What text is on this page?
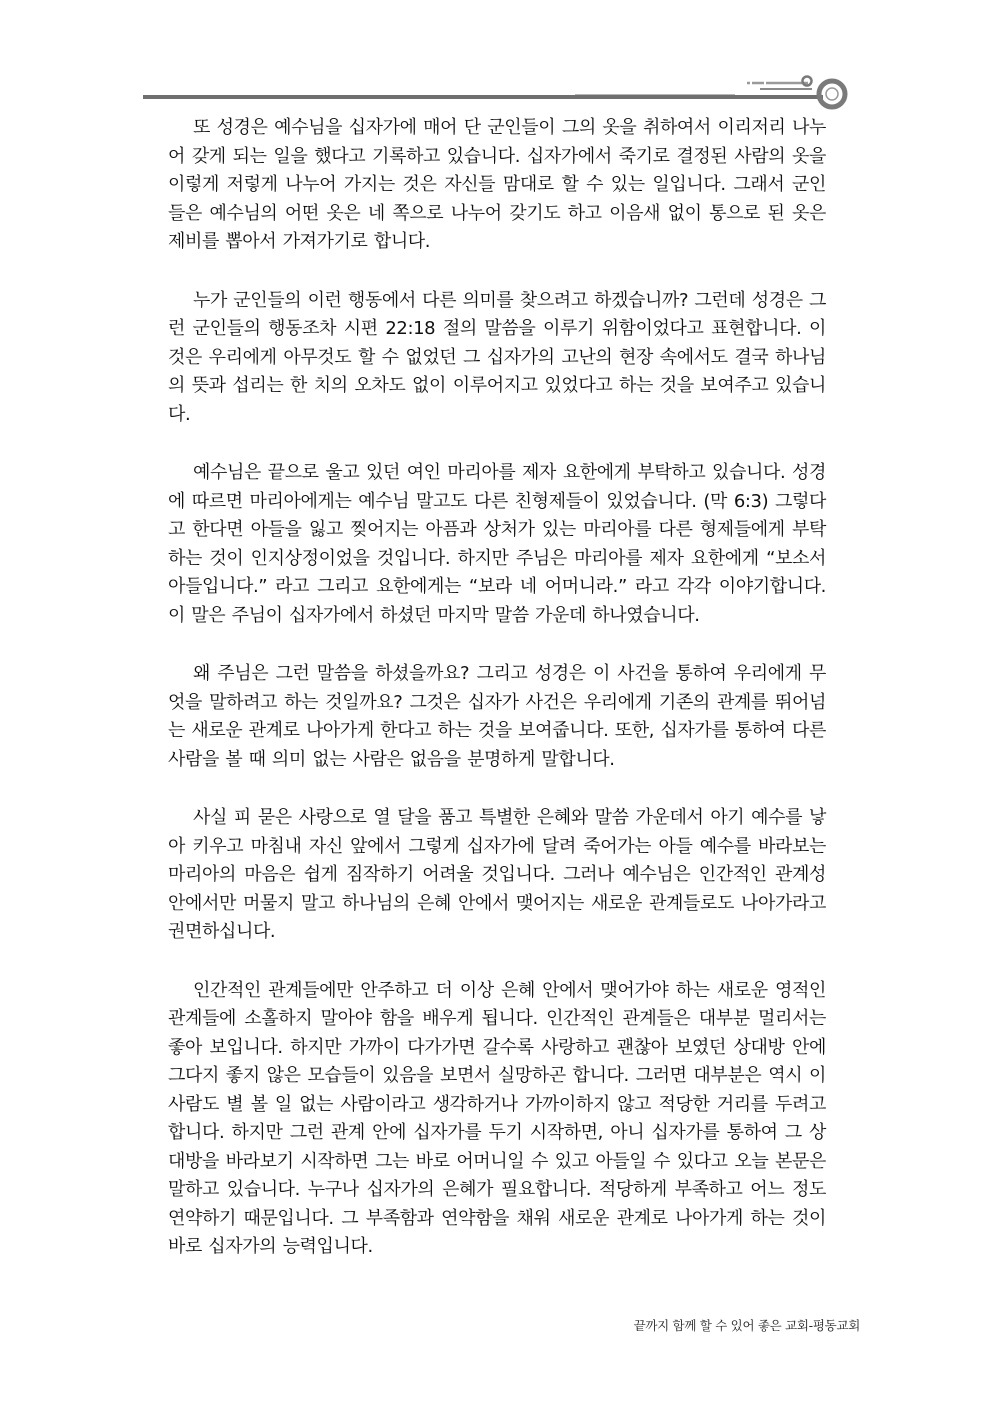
또 성경은 예수님을 십자가에 매어 단 군인들이 그의 옷을 취하여서 이리저리 나누어 갖게 되는 일을 했다고 기록하고 있습니다. 십자가에서 죽기로 결정된 사람의 옷을 이렇게 저렇게 나누어 가지는 것은 자신들 맘대로 할 수 있는 일입니다. 그래서 군인들은 예수님의 어떤 옷은 네 쪽으로 나누어 갖기도 하고 이음새 없이 통으로 된 옷은 제비를 뽑아서 가져가기로 합니다.

누가 군인들의 이런 행동에서 다른 의미를 찾으려고 하겠습니까? 그런데 성경은 그런 군인들의 행동조차 시편 22:18 절의 말씀을 이루기 위함이었다고 표현합니다. 이것은 우리에게 아무것도 할 수 없었던 그 십자가의 고난의 현장 속에서도 결국 하나님의 뜻과 섭리는 한 치의 오차도 없이 이루어지고 있었다고 하는 것을 보여주고 있습니다.

예수님은 끝으로 울고 있던 여인 마리아를 제자 요한에게 부탁하고 있습니다. 성경에 따르면 마리아에게는 예수님 말고도 다른 친형제들이 있었습니다. (막 6:3) 그렇다고 한다면 아들을 잃고 찢어지는 아픔과 상처가 있는 마리아를 다른 형제들에게 부탁하는 것이 인지상정이었을 것입니다. 하지만 주님은 마리아를 제자 요한에게 “보소서 아들입니다.” 라고 그리고 요한에게는 “보라 네 어머니라.” 라고 각각 이야기합니다. 이 말은 주님이 십자가에서 하셨던 마지막 말씀 가운데 하나였습니다.

왜 주님은 그런 말씀을 하셨을까요? 그리고 성경은 이 사건을 통하여 우리에게 무엇을 말하려고 하는 것일까요? 그것은 십자가 사건은 우리에게 기존의 관계를 뛰어넘는 새로운 관계로 나아가게 한다고 하는 것을 보여줍니다. 또한, 십자가를 통하여 다른 사람을 볼 때 의미 없는 사람은 없음을 분명하게 말합니다.

사실 피 묻은 사랑으로 열 달을 품고 특별한 은혜와 말씀 가운데서 아기 예수를 낳아 키우고 마침내 자신 앞에서 그렇게 십자가에 달려 죽어가는 아들 예수를 바라보는 마리아의 마음은 쉽게 짐작하기 어려울 것입니다. 그러나 예수님은 인간적인 관계성 안에서만 머물지 말고 하나님의 은혜 안에서 맺어지는 새로운 관계들로도 나아가라고 권면하십니다.

인간적인 관계들에만 안주하고 더 이상 은혜 안에서 맺어가야 하는 새로운 영적인 관계들에 소홀하지 말아야 함을 배우게 됩니다. 인간적인 관계들은 대부분 멀리서는 좋아 보입니다. 하지만 가까이 다가가면 갈수록 사랑하고 괜찮아 보였던 상대방 안에 그다지 좋지 않은 모습들이 있음을 보면서 실망하곤 합니다. 그러면 대부분은 역시 이 사람도 별 볼 일 없는 사람이라고 생각하거나 가까이하지 않고 적당한 거리를 두려고 합니다. 하지만 그런 관계 안에 십자가를 두기 시작하면, 아니 십자가를 통하여 그 상대방을 바라보기 시작하면 그는 바로 어머니일 수 있고 아들일 수 있다고 오늘 본문은 말하고 있습니다. 누구나 십자가의 은혜가 필요합니다. 적당하게 부족하고 어느 정도 연약하기 때문입니다. 그 부족함과 연약함을 채워 새로운 관계로 나아가게 하는 것이 바로 십자가의 능력입니다.

끝까지 함께 할 수 있어 좋은 교회-평동교회
